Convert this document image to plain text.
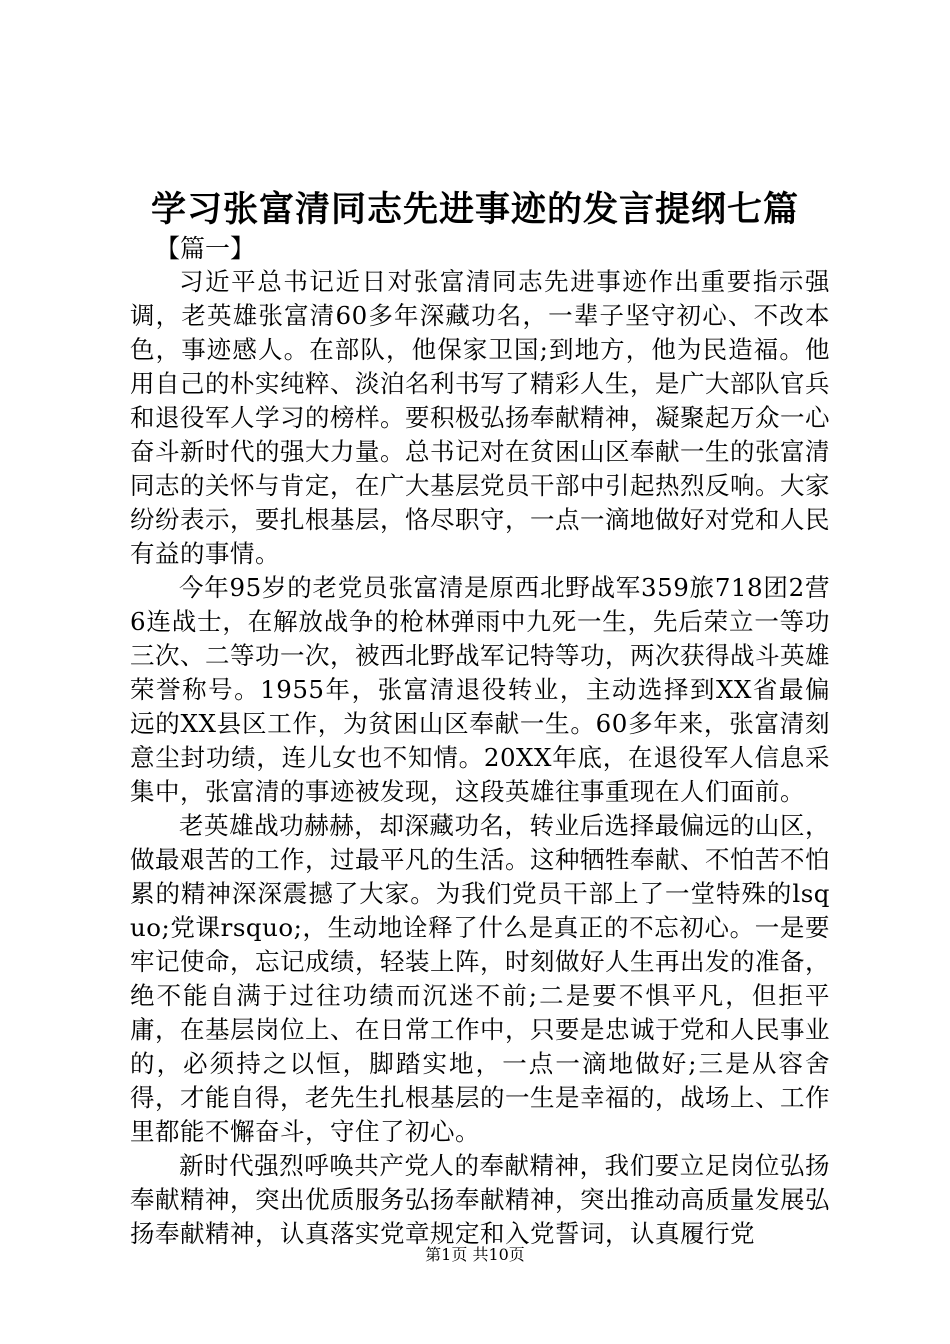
学习张富清同志先进事迹的发言提纲七篇

【篇一】

习近平总书记近日对张富清同志先进事迹作出重要指示强调，老英雄张富清60多年深藏功名，一辈子坚守初心、不改本色，事迹感人。在部队，他保家卫国;到地方，他为民造福。他用自己的朴实纯粹、淡泊名利书写了精彩人生，是广大部队官兵和退役军人学习的榜样。要积极弘扬奉献精神，凝聚起万众一心奋斗新时代的强大力量。总书记对在贫困山区奉献一生的张富清同志的关怀与肯定，在广大基层党员干部中引起热烈反响。大家纷纷表示，要扎根基层，恪尽职守，一点一滴地做好对党和人民有益的事情。

今年95岁的老党员张富清是原西北野战军359旅718团2营6连战士，在解放战争的枪林弹雨中九死一生，先后荣立一等功三次、二等功一次，被西北野战军记特等功，两次获得战斗英雄荣誉称号。1955年，张富清退役转业，主动选择到XX省最偏远的XX县区工作，为贫困山区奉献一生。60多年来，张富清刻意尘封功绩，连儿女也不知情。20XX年底，在退役军人信息采集中，张富清的事迹被发现，这段英雄往事重现在人们面前。

老英雄战功赫赫，却深藏功名，转业后选择最偏远的山区，做最艰苦的工作，过最平凡的生活。这种牺牲奉献、不怕苦不怕累的精神深深震撼了大家。为我们党员干部上了一堂特殊的lsquo;党课rsquo;，生动地诠释了什么是真正的不忘初心。一是要牢记使命，忘记成绩，轻装上阵，时刻做好人生再出发的准备，绝不能自满于过往功绩而沉迷不前;二是要不惧平凡，但拒平庸，在基层岗位上、在日常工作中，只要是忠诚于党和人民事业的，必须持之以恒，脚踏实地，一点一滴地做好;三是从容舍得，才能自得，老先生扎根基层的一生是幸福的，战场上、工作里都能不懈奋斗，守住了初心。

新时代强烈呼唤共产党人的奉献精神，我们要立足岗位弘扬奉献精神，突出优质服务弘扬奉献精神，突出推动高质量发展弘扬奉献精神，认真落实党章规定和入党誓词，认真履行党

第1页 共10页
